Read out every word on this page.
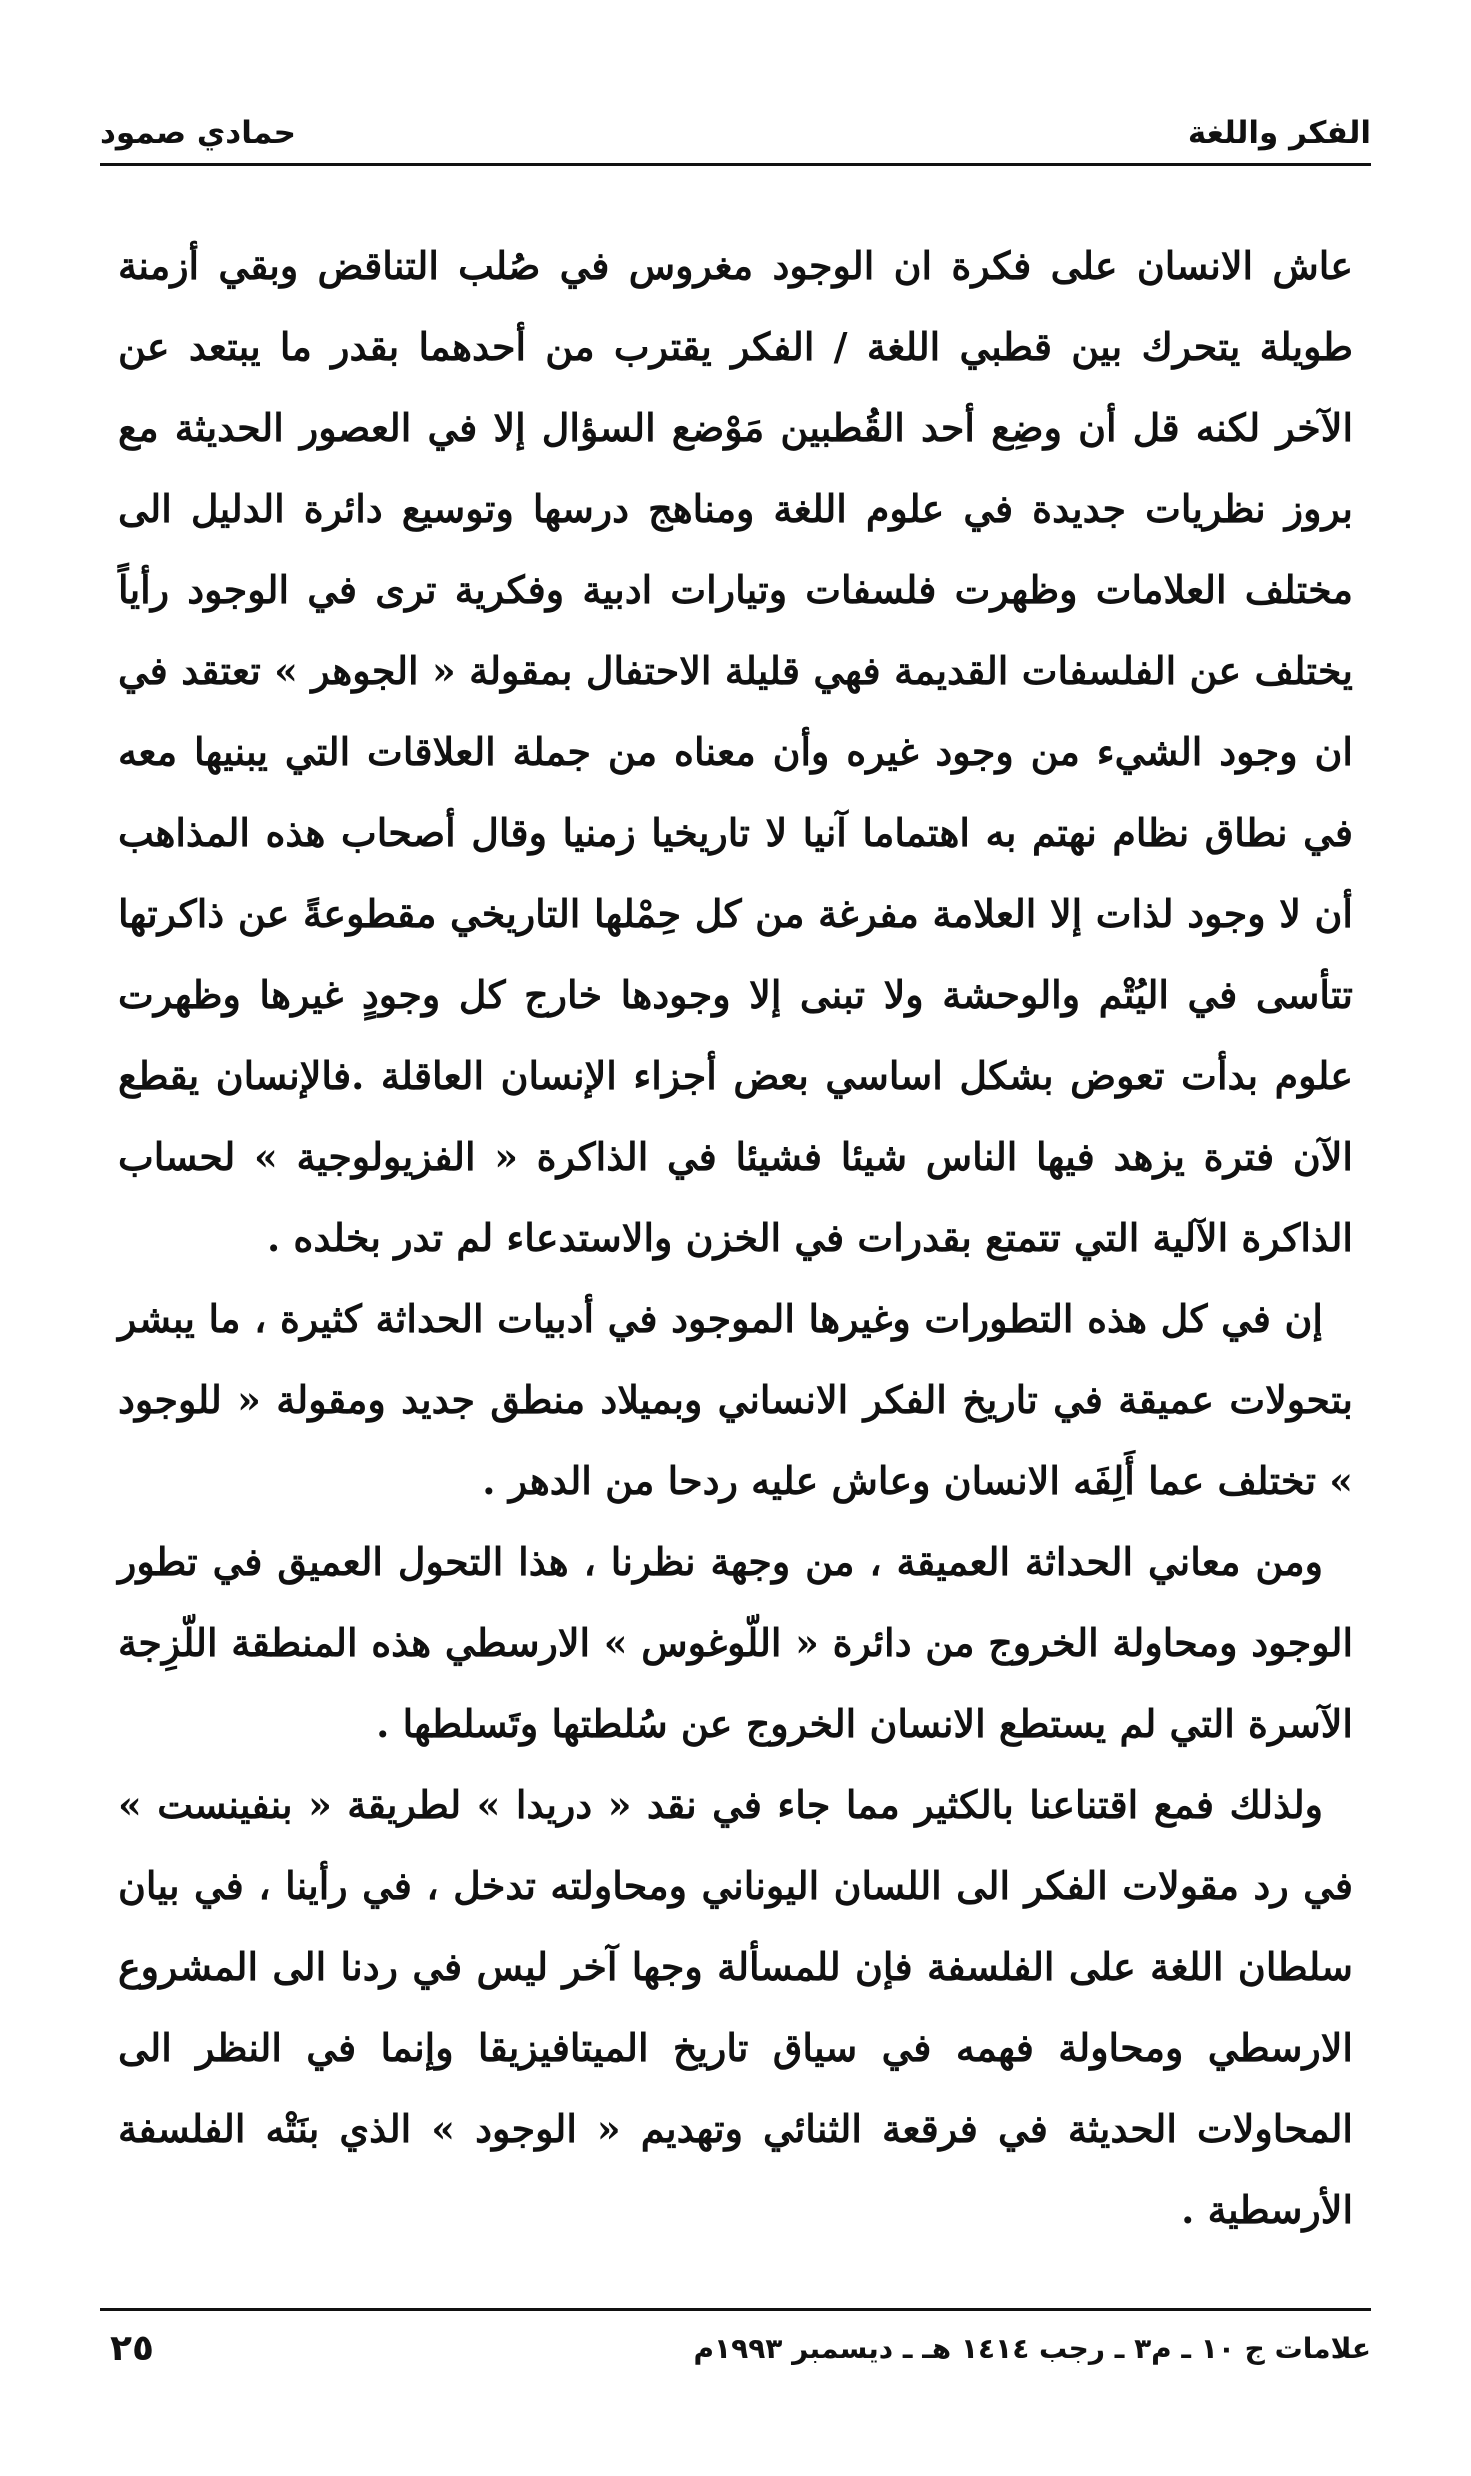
الفكر واللغة
حمادي صمود

عاش الانسان على فكرة ان الوجود مغروس في صُلب التناقض وبقي أزمنة طويلة يتحرك بين قطبي اللغة / الفكر يقترب من أحدهما بقدر ما يبتعد عن الآخر لكنه قل أن وضِع أحد القُطبين مَوْضع السؤال إلا في العصور الحديثة مع بروز نظريات جديدة في علوم اللغة ومناهج درسها وتوسيع دائرة الدليل الى مختلف العلامات وظهرت فلسفات وتيارات ادبية وفكرية ترى في الوجود رأياً يختلف عن الفلسفات القديمة فهي قليلة الاحتفال بمقولة « الجوهر » تعتقد في ان وجود الشيء من وجود غيره وأن معناه من جملة العلاقات التي يبنيها معه في نطاق نظام نهتم به اهتماما آنيا لا تاريخيا زمنيا وقال أصحاب هذه المذاهب أن لا وجود لذات إلا العلامة مفرغة من كل حِمْلها التاريخي مقطوعةً عن ذاكرتها تتأسى في اليُتْم والوحشة ولا تبنى إلا وجودها خارج كل وجودٍ غيرها وظهرت علوم بدأت تعوض بشكل اساسي بعض أجزاء الإنسان العاقلة .فالإنسان يقطع الآن فترة يزهد فيها الناس شيئا فشيئا في الذاكرة « الفزيولوجية » لحساب الذاكرة الآلية التي تتمتع بقدرات في الخزن والاستدعاء لم تدر بخلده .

إن في كل هذه التطورات وغيرها الموجود في أدبيات الحداثة كثيرة ، ما يبشر بتحولات عميقة في تاريخ الفكر الانساني وبميلاد منطق جديد ومقولة « للوجود » تختلف عما أَلِفَه الانسان وعاش عليه ردحا من الدهر .

ومن معاني الحداثة العميقة ، من وجهة نظرنا ، هذا التحول العميق في تطور الوجود ومحاولة الخروج من دائرة « اللّوغوس » الارسطي هذه المنطقة اللّزِجة الآسرة التي لم يستطع الانسان الخروج عن سُلطتها وتَسلطها .

ولذلك فمع اقتناعنا بالكثير مما جاء في نقد « دريدا » لطريقة « بنفينست » في رد مقولات الفكر الى اللسان اليوناني ومحاولته تدخل ، في رأينا ، في بيان سلطان اللغة على الفلسفة فإن للمسألة وجها آخر ليس في ردنا الى المشروع الارسطي ومحاولة فهمه في سياق تاريخ الميتافيزيقا وإنما في النظر الى المحاولات الحديثة في فرقعة الثنائي وتهديم « الوجود » الذي بنَتْه الفلسفة الأرسطية .

علامات ج ١٠ ـ م٣ ـ رجب ١٤١٤ هـ ـ ديسمبر ١٩٩٣م
٢٥
